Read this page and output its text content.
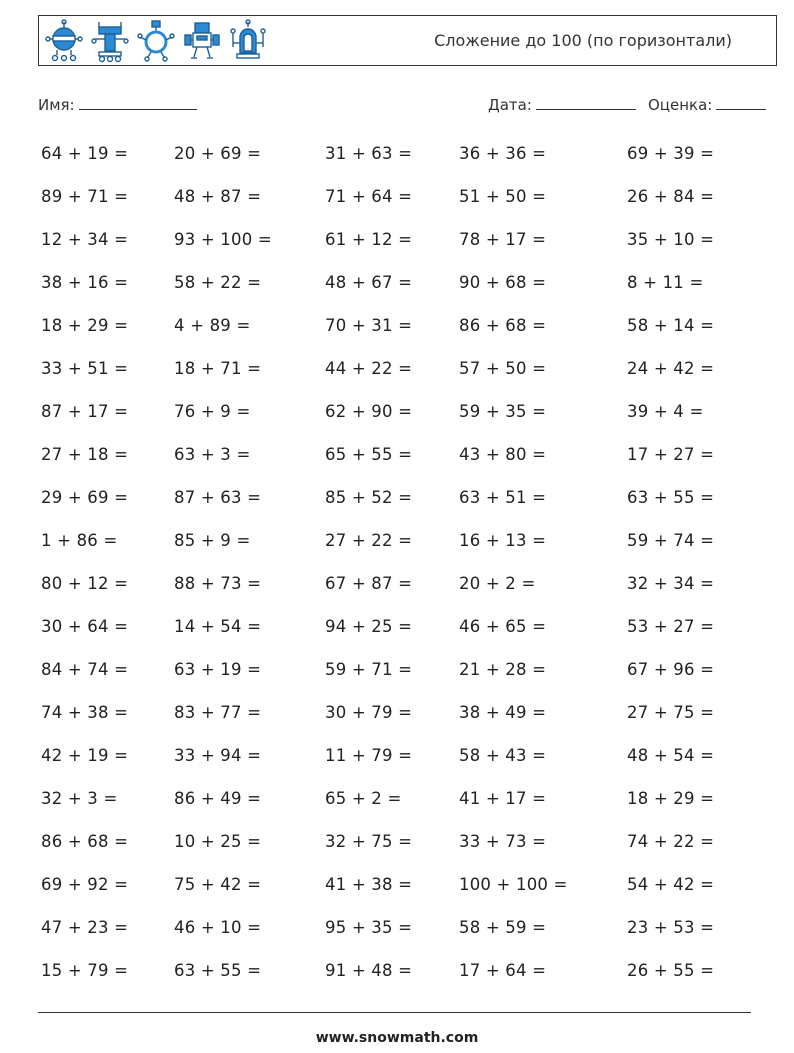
Сложение до 100 (по горизонтали)
Имя:	Дата:	Оценка:
64 + 19 =	20 + 69 =	31 + 63 =	36 + 36 =	69 + 39 =
89 + 71 =	48 + 87 =	71 + 64 =	51 + 50 =	26 + 84 =
12 + 34 =	93 + 100 =	61 + 12 =	78 + 17 =	35 + 10 =
38 + 16 =	58 + 22 =	48 + 67 =	90 + 68 =	8 + 11 =
18 + 29 =	4 + 89 =	70 + 31 =	86 + 68 =	58 + 14 =
33 + 51 =	18 + 71 =	44 + 22 =	57 + 50 =	24 + 42 =
87 + 17 =	76 + 9 =	62 + 90 =	59 + 35 =	39 + 4 =
27 + 18 =	63 + 3 =	65 + 55 =	43 + 80 =	17 + 27 =
29 + 69 =	87 + 63 =	85 + 52 =	63 + 51 =	63 + 55 =
1 + 86 =	85 + 9 =	27 + 22 =	16 + 13 =	59 + 74 =
80 + 12 =	88 + 73 =	67 + 87 =	20 + 2 =	32 + 34 =
30 + 64 =	14 + 54 =	94 + 25 =	46 + 65 =	53 + 27 =
84 + 74 =	63 + 19 =	59 + 71 =	21 + 28 =	67 + 96 =
74 + 38 =	83 + 77 =	30 + 79 =	38 + 49 =	27 + 75 =
42 + 19 =	33 + 94 =	11 + 79 =	58 + 43 =	48 + 54 =
32 + 3 =	86 + 49 =	65 + 2 =	41 + 17 =	18 + 29 =
86 + 68 =	10 + 25 =	32 + 75 =	33 + 73 =	74 + 22 =
69 + 92 =	75 + 42 =	41 + 38 =	100 + 100 =	54 + 42 =
47 + 23 =	46 + 10 =	95 + 35 =	58 + 59 =	23 + 53 =
15 + 79 =	63 + 55 =	91 + 48 =	17 + 64 =	26 + 55 =
www.snowmath.com
